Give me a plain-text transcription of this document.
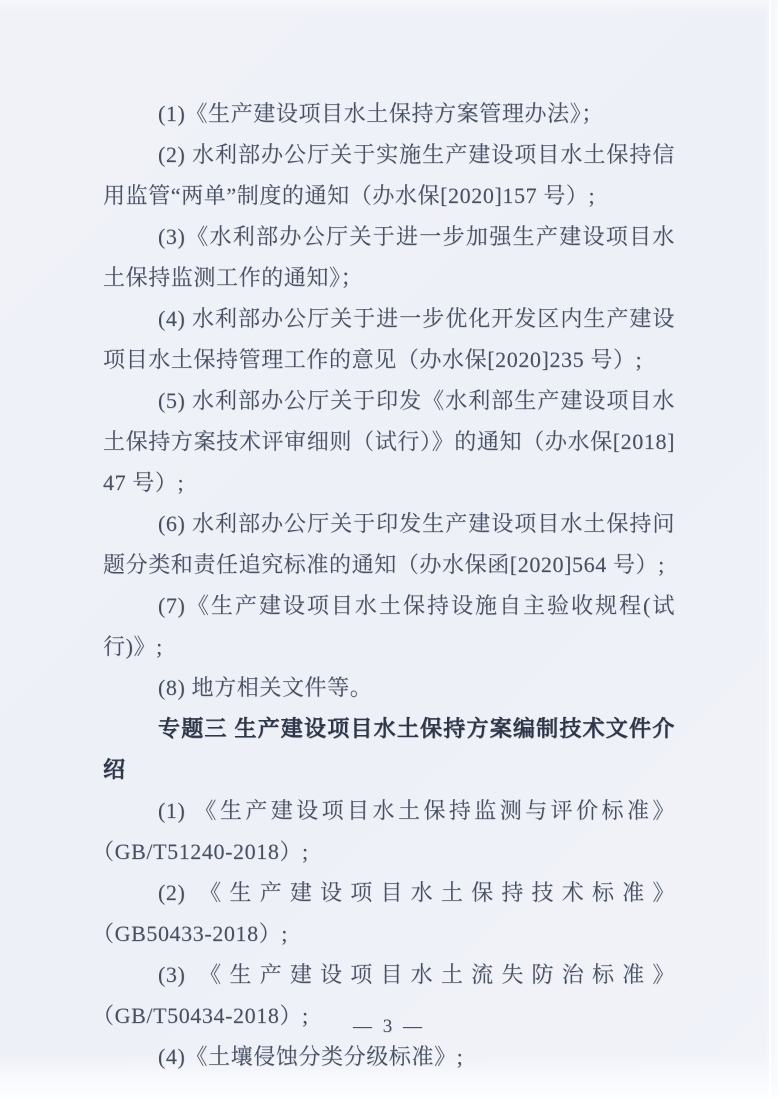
(1)《生产建设项目水土保持方案管理办法》；

(2) 水利部办公厅关于实施生产建设项目水土保持信用监管“两单”制度的通知（办水保[2020]157 号）;

(3)《水利部办公厅关于进一步加强生产建设项目水土保持监测工作的通知》；

(4) 水利部办公厅关于进一步优化开发区内生产建设项目水土保持管理工作的意见（办水保[2020]235 号）;

(5) 水利部办公厅关于印发《水利部生产建设项目水土保持方案技术评审细则（试行）》的通知（办水保[2018]47 号）;

(6) 水利部办公厅关于印发生产建设项目水土保持问题分类和责任追究标准的通知（办水保函[2020]564 号）;

(7)《生产建设项目水土保持设施自主验收规程(试行)》;

(8) 地方相关文件等。

专题三 生产建设项目水土保持方案编制技术文件介绍

(1) 《生产建设项目水土保持监测与评价标准》（GB/T51240-2018）;

(2) 《生产建设项目水土保持技术标准》（GB50433-2018）;

(3) 《生产建设项目水土流失防治标准》（GB/T50434-2018）;

(4)《土壤侵蚀分类分级标准》;

— 3 —
